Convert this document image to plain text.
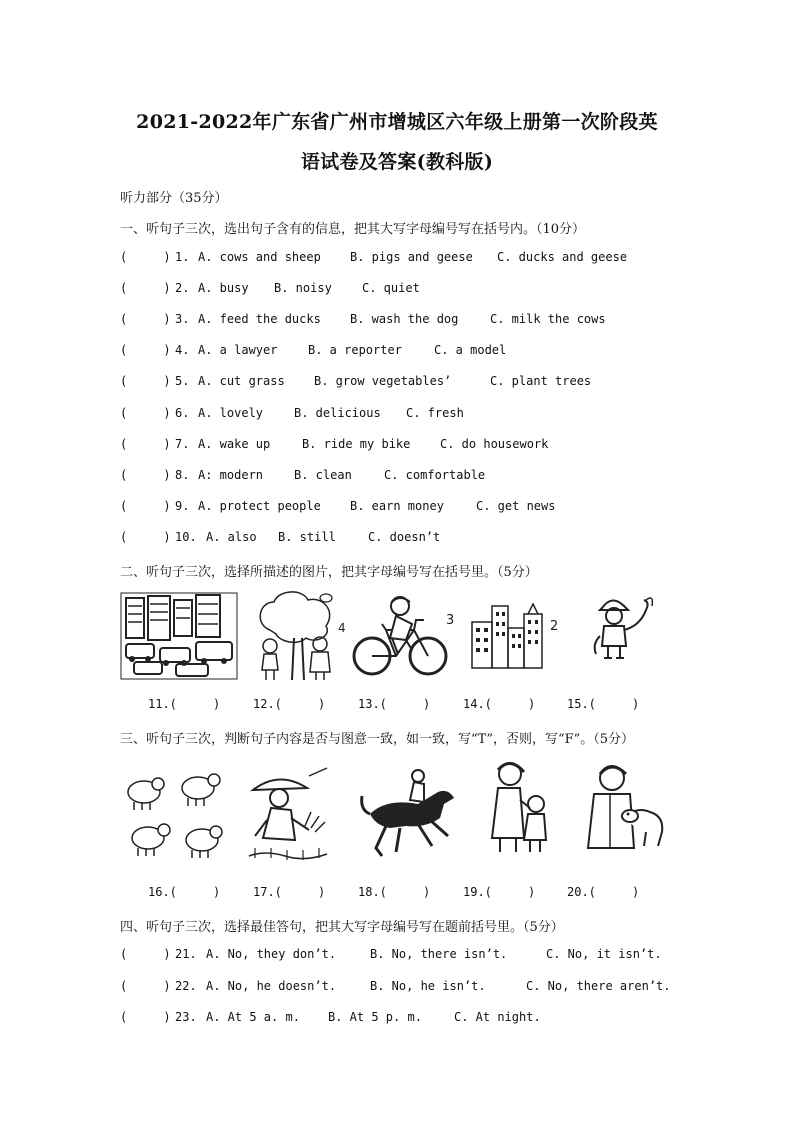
2021-2022年广东省广州市增城区六年级上册第一次阶段英
语试卷及答案(教科版)
听力部分（35分）
一、听句子三次，选出句子含有的信息，把其大写字母编号写在括号内。（10分）
(     ) 1. A. cows and sheep B. pigs and geese C. ducks and geese
(     ) 2. A. busy B. noisy	C. quiet
(     ) 3. A. feed the ducks B. wash the dog	C. milk the cows
(     ) 4. A. a lawyer	B. a reporter	C. a model
(     ) 5. A. cut grass B. grow vegetables’	C. plant trees
(     ) 6. A. lovely	B. delicious C. fresh
(     ) 7. A. wake up	B. ride my bike C. do housework
(     ) 8. A: modern	B. clean	C. comfortable
(     ) 9. A. protect people B. earn money	C. get news
(     ) 10. A. also B. still	C. doesn’t
二、听句子三次，选择所描述的图片，把其字母编号写在括号里。（5分）
4	3	2
11.(     )	12.(     )	13.(     )	14.(     )	15.(     )
三、听句子三次，判断句子内容是否与图意一致，如一致，写“T”，否则，写“F”。（5分）
16.(     )	17.(     )	18.(     )	19.(     )	20.(     )
四、听句子三次，选择最佳答句，把其大写字母编号写在题前括号里。（5分）
(     ) 21. A. No, they don’t.	B. No, there isn’t.	C. No, it isn’t.
(     ) 22. A. No, he doesn’t.	B. No, he isn’t.	C. No, there aren’t.
(     ) 23. A. At 5 a. m. B. At 5 p. m.	C. At night.
